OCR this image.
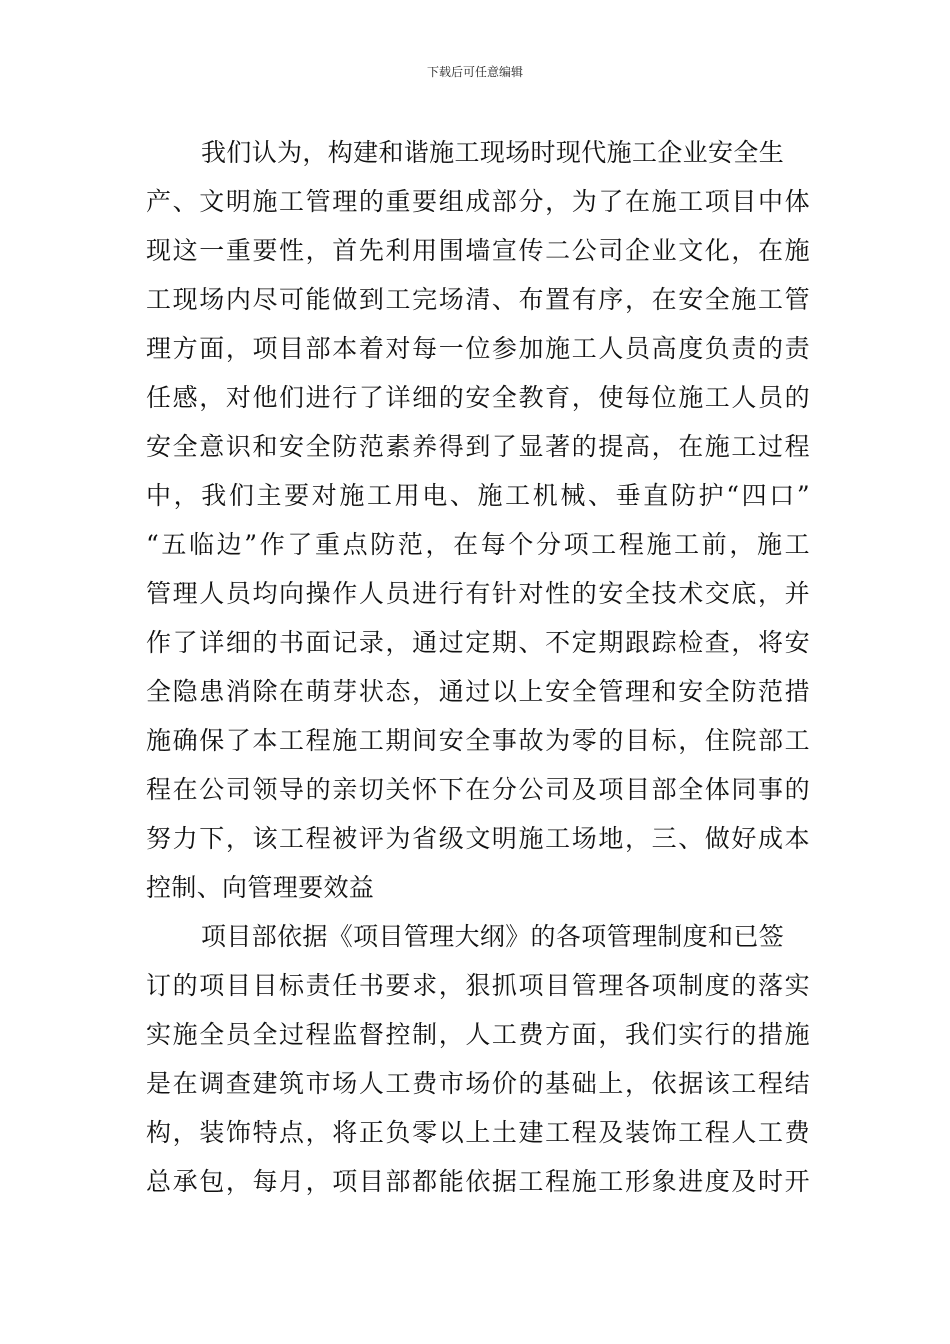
下载后可任意编辑
我们认为，构建和谐施工现场时现代施工企业安全生
产、文明施工管理的重要组成部分，为了在施工项目中体
现这一重要性，首先利用围墙宣传二公司企业文化，在施
工现场内尽可能做到工完场清、布置有序，在安全施工管
理方面，项目部本着对每一位参加施工人员高度负责的责
任感，对他们进行了详细的安全教育，使每位施工人员的
安全意识和安全防范素养得到了显著的提高，在施工过程
中，我们主要对施工用电、施工机械、垂直防护“四口”
“五临边”作了重点防范，在每个分项工程施工前，施工
管理人员均向操作人员进行有针对性的安全技术交底，并
作了详细的书面记录，通过定期、不定期跟踪检查，将安
全隐患消除在萌芽状态，通过以上安全管理和安全防范措
施确保了本工程施工期间安全事故为零的目标，住院部工
程在公司领导的亲切关怀下在分公司及项目部全体同事的
努力下，该工程被评为省级文明施工场地，三、做好成本
控制、向管理要效益
项目部依据《项目管理大纲》的各项管理制度和已签
订的项目目标责任书要求，狠抓项目管理各项制度的落实
实施全员全过程监督控制，人工费方面，我们实行的措施
是在调查建筑市场人工费市场价的基础上，依据该工程结
构，装饰特点，将正负零以上土建工程及装饰工程人工费
总承包，每月，项目部都能依据工程施工形象进度及时开
